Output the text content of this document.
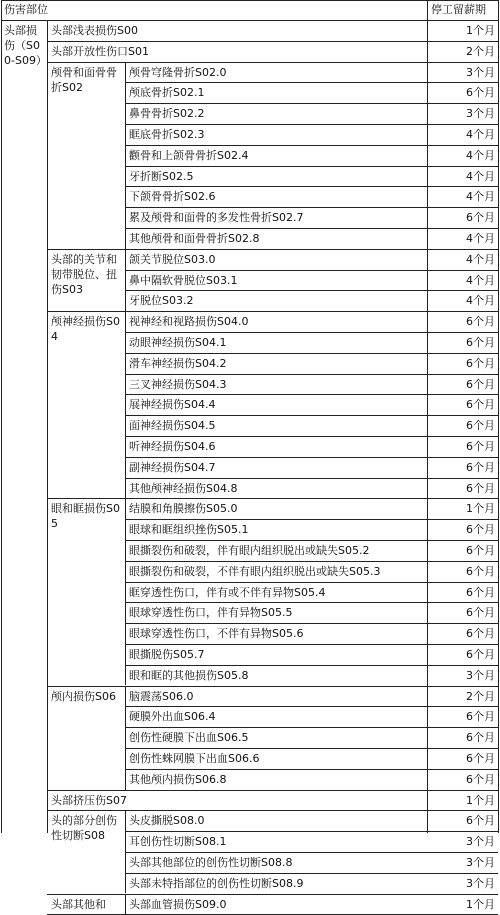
伤害部位	停工留薪期
头部损伤（S00-S09）
头部浅表损伤S00	1个月
头部开放性伤口S01	2个月
颅骨和面骨骨折S02
颅骨穹隆骨折S02.0	3个月
颅底骨折S02.1	6个月
鼻骨骨折S02.2	3个月
眶底骨折S02.3	4个月
颧骨和上颌骨骨折S02.4	4个月
牙折断S02.5	4个月
下颌骨骨折S02.6	4个月
累及颅骨和面骨的多发性骨折S02.7	6个月
其他颅骨和面骨骨折S02.8	4个月
头部的关节和韧带脱位、扭伤S03
颌关节脱位S03.0	4个月
鼻中隔软骨脱位S03.1	4个月
牙脱位S03.2	4个月
颅神经损伤S04
视神经和视路损伤S04.0	6个月
动眼神经损伤S04.1	6个月
滑车神经损伤S04.2	6个月
三叉神经损伤S04.3	6个月
展神经损伤S04.4	6个月
面神经损伤S04.5	6个月
听神经损伤S04.6	6个月
副神经损伤S04.7	6个月
其他颅神经损伤S04.8	6个月
眼和眶损伤S05
结膜和角膜擦伤S05.0	1个月
眼球和眶组织挫伤S05.1	6个月
眼撕裂伤和破裂，伴有眼内组织脱出或缺失S05.2	6个月
眼撕裂伤和破裂，不伴有眼内组织脱出或缺失S05.3	6个月
眶穿透性伤口，伴有或不伴有异物S05.4	6个月
眼球穿透性伤口，伴有异物S05.5	6个月
眼球穿透性伤口，不伴有异物S05.6	6个月
眼撕脱伤S05.7	6个月
眼和眶的其他损伤S05.8	3个月
颅内损伤S06	脑震荡S06.0	2个月
硬膜外出血S06.4	6个月
创伤性硬膜下出血S06.5	6个月
创伤性蛛网膜下出血S06.6	6个月
其他颅内损伤S06.8	6个月
头部挤压伤S07	1个月
头的部分创伤性切断S08
头皮撕脱S08.0	6个月
耳创伤性切断S08.1	3个月
头部其他部位的创伤性切断S08.8	3个月
头部未特指部位的创伤性切断S08.9	3个月
头部其他和	头部血管损伤S09.0	1个月
